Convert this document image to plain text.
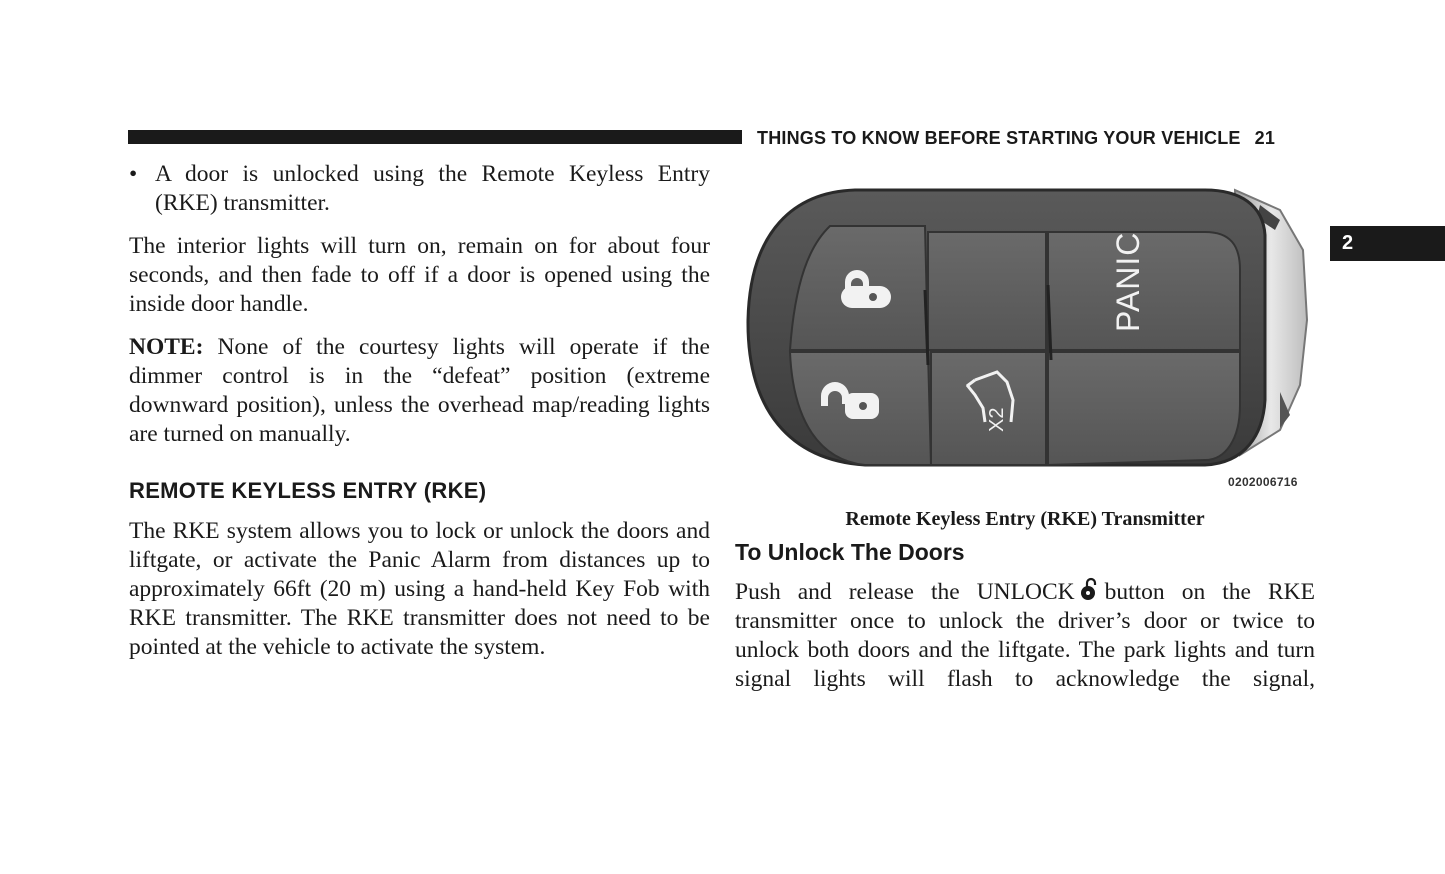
THINGS TO KNOW BEFORE STARTING YOUR VEHICLE 21
2
• A door is unlocked using the Remote Keyless Entry (RKE) transmitter.

The interior lights will turn on, remain on for about four seconds, and then fade to off if a door is opened using the inside door handle.

NOTE: None of the courtesy lights will operate if the dimmer control is in the “defeat” position (extreme downward position), unless the overhead map/reading lights are turned on manually.

REMOTE KEYLESS ENTRY (RKE)

The RKE system allows you to lock or unlock the doors and liftgate, or activate the Panic Alarm from distances up to approximately 66ft (20 m) using a hand-held Key Fob with RKE transmitter. The RKE transmitter does not need to be pointed at the vehicle to activate the system.

X2
PANIC
0202006716
Remote Keyless Entry (RKE) Transmitter
To Unlock The Doors

Push and release the UNLOCK button on the RKE transmitter once to unlock the driver’s door or twice to unlock both doors and the liftgate. The park lights and turn signal lights will flash to acknowledge the signal,
